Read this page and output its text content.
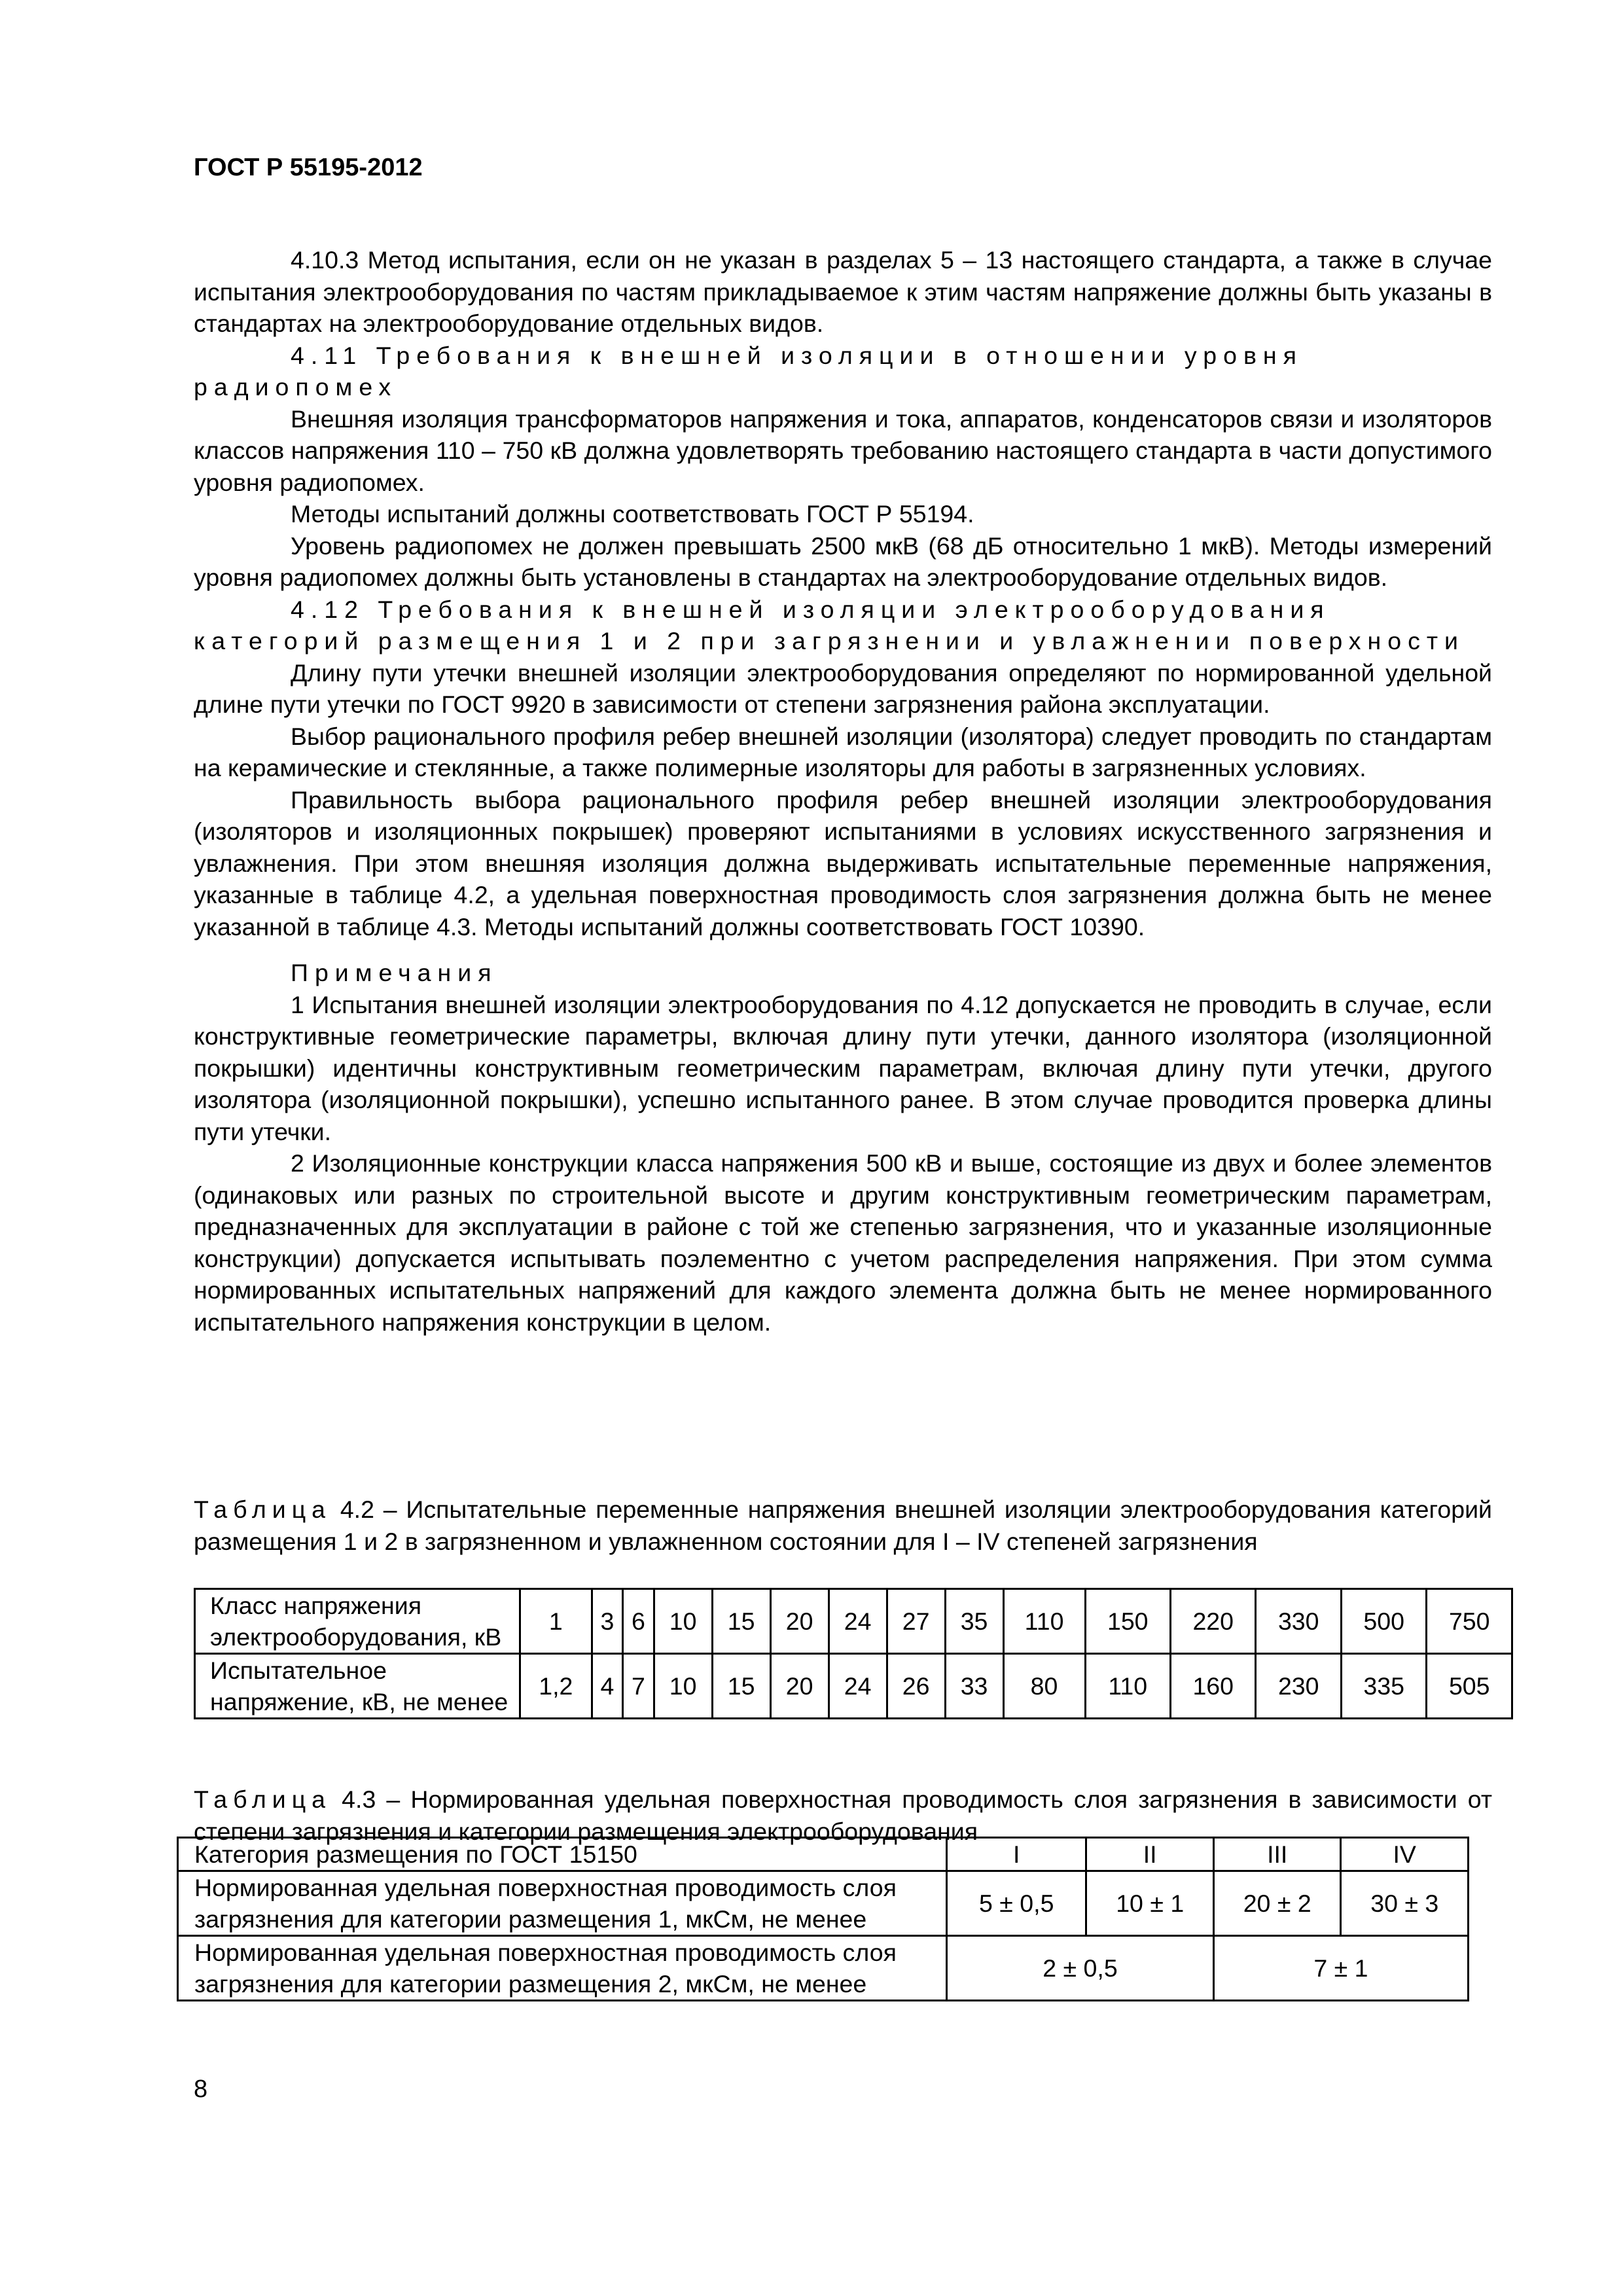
ГОСТ Р 55195-2012

4.10.3 Метод испытания, если он не указан в разделах 5 – 13 настоящего стандарта, а также в случае испытания электрооборудования по частям прикладываемое к этим частям напряжение должны быть указаны в стандартах на электрооборудование отдельных видов.

4.11 Требования к внешней изоляции в отношении уровня радиопомех

Внешняя изоляция трансформаторов напряжения и тока, аппаратов, конденсаторов связи и изоляторов классов напряжения 110 – 750 кВ должна удовлетворять требованию настоящего стандарта в части допустимого уровня радиопомех.

Методы испытаний должны соответствовать ГОСТ Р 55194.

Уровень радиопомех не должен превышать 2500 мкВ (68 дБ относительно 1 мкВ). Методы измерений уровня радиопомех должны быть установлены в стандартах на электрооборудование отдельных видов.

4.12 Требования к внешней изоляции электрооборудования категорий размещения 1 и 2 при загрязнении и увлажнении поверхности

Длину пути утечки внешней изоляции электрооборудования определяют по нормированной удельной длине пути утечки по ГОСТ 9920 в зависимости от степени загрязнения района эксплуатации.

Выбор рационального профиля ребер внешней изоляции (изолятора) следует проводить по стандартам на керамические и стеклянные, а также полимерные изоляторы для работы в загрязненных условиях.

Правильность выбора рационального профиля ребер внешней изоляции электрооборудования (изоляторов и изоляционных покрышек) проверяют испытаниями в условиях искусственного загрязнения и увлажнения. При этом внешняя изоляция должна выдерживать испытательные переменные напряжения, указанные в таблице 4.2, а удельная поверхностная проводимость слоя загрязнения должна быть не менее указанной в таблице 4.3. Методы испытаний должны соответствовать ГОСТ 10390.

Примечания

1 Испытания внешней изоляции электрооборудования по 4.12 допускается не проводить в случае, если конструктивные геометрические параметры, включая длину пути утечки, данного изолятора (изоляционной покрышки) идентичны конструктивным геометрическим параметрам, включая длину пути утечки, другого изолятора (изоляционной покрышки), успешно испытанного ранее. В этом случае проводится проверка длины пути утечки.

2 Изоляционные конструкции класса напряжения 500 кВ и выше, состоящие из двух и более элементов (одинаковых или разных по строительной высоте и другим конструктивным геометрическим параметрам, предназначенных для эксплуатации в районе с той же степенью загрязнения, что и указанные изоляционные конструкции) допускается испытывать поэлементно с учетом распределения напряжения. При этом сумма нормированных испытательных напряжений для каждого элемента должна быть не менее нормированного испытательного напряжения конструкции в целом.

Таблица 4.2 – Испытательные переменные напряжения внешней изоляции электрооборудования категорий размещения 1 и 2 в загрязненном и увлажненном состоянии для I – IV степеней загрязнения
Класс напряжения электрооборудования, кВ	1	3	6	10	15	20	24	27	35	110	150	220	330	500	750
Испытательное напряжение, кВ, не менее	1,2	4	7	10	15	20	24	26	33	80	110	160	230	335	505
Таблица 4.3 – Нормированная удельная поверхностная проводимость слоя загрязнения в зависимости от степени загрязнения и категории размещения электрооборудования
Категория размещения по ГОСТ 15150	I	II	III	IV
Нормированная удельная поверхностная проводимость слоя загрязнения для категории размещения 1, мкСм, не менее	5 ± 0,5	10 ± 1	20 ± 2	30 ± 3
Нормированная удельная поверхностная проводимость слоя загрязнения для категории размещения 2, мкСм, не менее	2 ± 0,5		7 ± 1	
8
